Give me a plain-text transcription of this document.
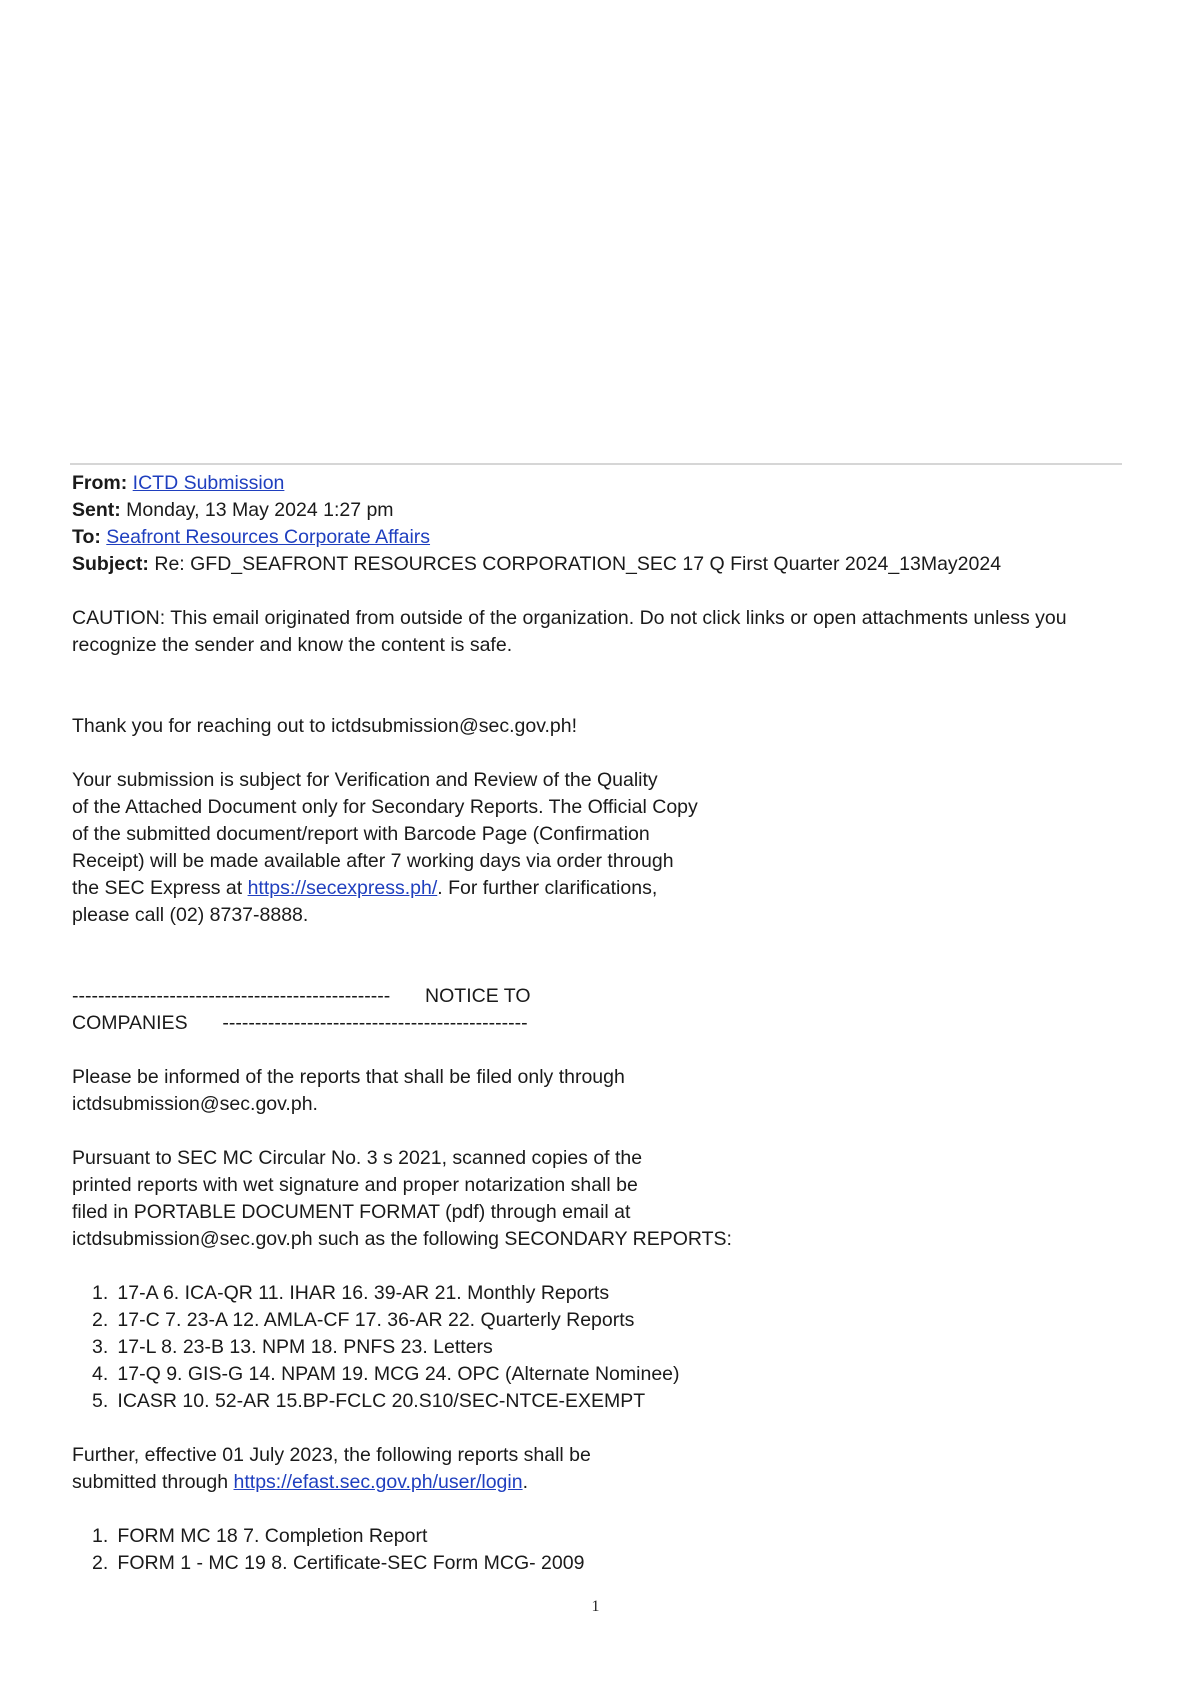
From: ICTD Submission
Sent: Monday, 13 May 2024 1:27 pm
To: Seafront Resources Corporate Affairs
Subject: Re: GFD_SEAFRONT RESOURCES CORPORATION_SEC 17 Q First Quarter 2024_13May2024
CAUTION: This email originated from outside of the organization. Do not click links or open attachments unless you
recognize the sender and know the content is safe.
Thank you for reaching out to ictdsubmission@sec.gov.ph!
Your submission is subject for Verification and Review of the Quality
of the Attached Document only for Secondary Reports. The Official Copy
of the submitted document/report with Barcode Page (Confirmation
Receipt) will be made available after 7 working days via order through
the SEC Express at https://secexpress.ph/. For further clarifications,
please call (02) 8737-8888.
------------------------------------------------- NOTICE TO
COMPANIES -----------------------------------------------
Please be informed of the reports that shall be filed only through
ictdsubmission@sec.gov.ph.
Pursuant to SEC MC Circular No. 3 s 2021, scanned copies of the
printed reports with wet signature and proper notarization shall be
filed in PORTABLE DOCUMENT FORMAT (pdf) through email at
ictdsubmission@sec.gov.ph such as the following SECONDARY REPORTS:
1. 17-A 6. ICA-QR 11. IHAR 16. 39-AR 21. Monthly Reports
2. 17-C 7. 23-A 12. AMLA-CF 17. 36-AR 22. Quarterly Reports
3. 17-L 8. 23-B 13. NPM 18. PNFS 23. Letters
4. 17-Q 9. GIS-G 14. NPAM 19. MCG 24. OPC (Alternate Nominee)
5. ICASR 10. 52-AR 15.BP-FCLC 20.S10/SEC-NTCE-EXEMPT
Further, effective 01 July 2023, the following reports shall be
submitted through https://efast.sec.gov.ph/user/login.
1. FORM MC 18 7. Completion Report
2. FORM 1 - MC 19 8. Certificate-SEC Form MCG- 2009
1
